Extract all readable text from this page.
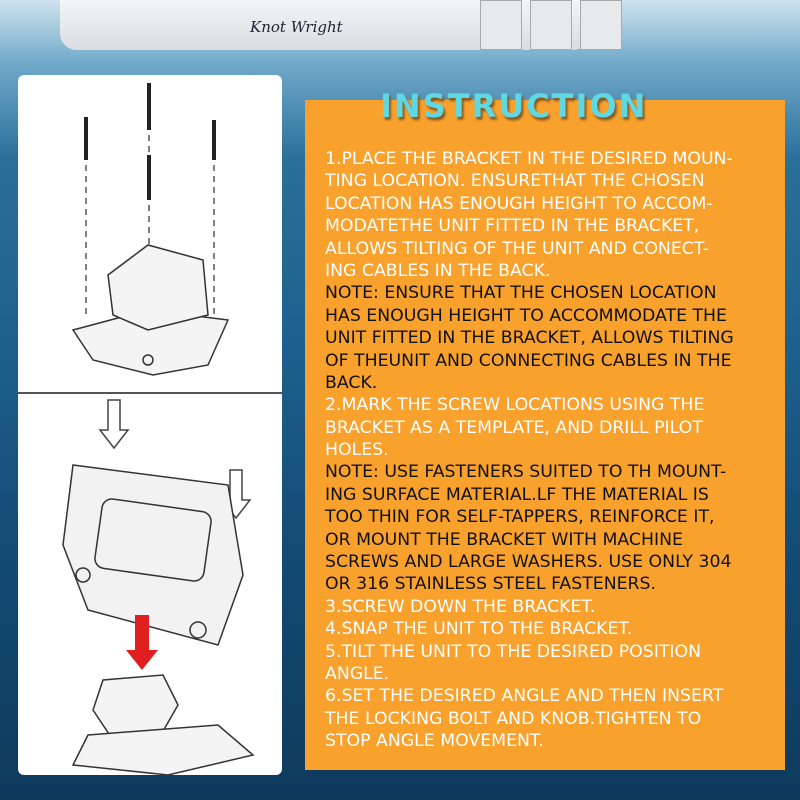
Knot Wright
INSTRUCTION
1.PLACE THE BRACKET IN THE DESIRED MOUN-
TING LOCATION. ENSURETHAT THE CHOSEN
LOCATION HAS ENOUGH HEIGHT TO ACCOM-
MODATETHE UNIT FITTED IN THE BRACKET,
ALLOWS TILTING OF THE UNIT AND CONECT-
ING CABLES IN THE BACK.
NOTE: ENSURE THAT THE CHOSEN LOCATION
HAS ENOUGH HEIGHT TO ACCOMMODATE THE
UNIT FITTED IN THE BRACKET, ALLOWS TILTING
OF THEUNIT AND CONNECTING CABLES IN THE
BACK.
2.MARK THE SCREW LOCATIONS USING THE
BRACKET AS A TEMPLATE, AND DRILL PILOT
HOLES.
NOTE: USE FASTENERS SUITED TO TH MOUNT-
ING SURFACE MATERIAL.LF THE MATERIAL IS
TOO THIN FOR SELF-TAPPERS, REINFORCE IT,
OR MOUNT THE BRACKET WITH MACHINE
SCREWS AND LARGE WASHERS. USE ONLY 304
OR 316 STAINLESS STEEL FASTENERS.
3.SCREW DOWN THE BRACKET.
4.SNAP THE UNIT TO THE BRACKET.
5.TILT THE UNIT TO THE DESIRED POSITION
ANGLE.
6.SET THE DESIRED ANGLE AND THEN INSERT
THE LOCKING BOLT AND KNOB.TIGHTEN TO
STOP ANGLE MOVEMENT.
